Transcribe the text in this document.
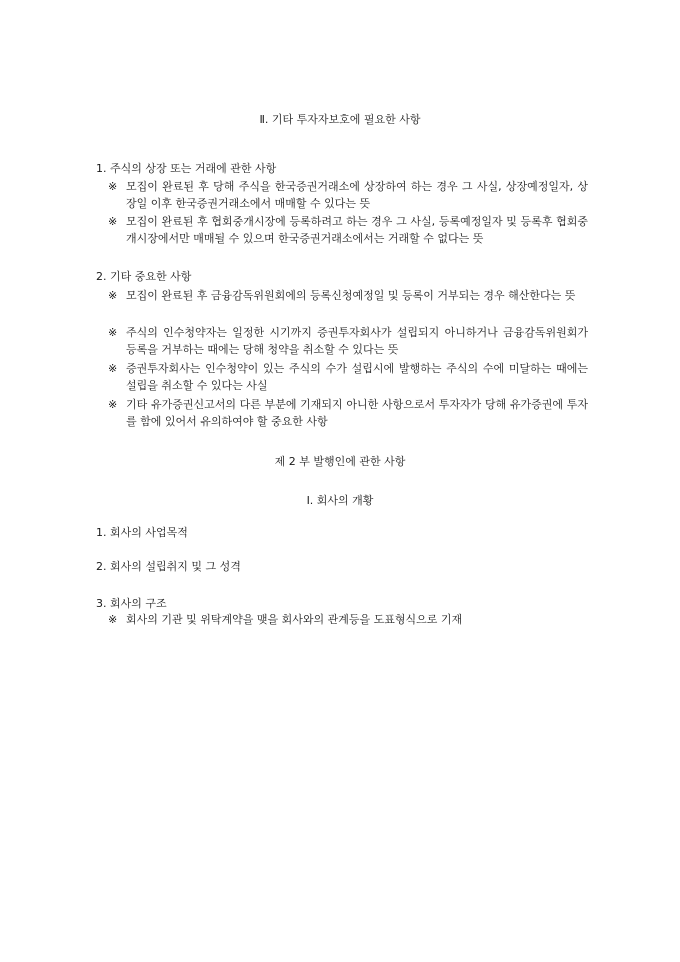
Ⅱ. 기타 투자자보호에 필요한 사항
1. 주식의 상장 또는 거래에 관한 사항
※ 모집이 완료된 후 당해 주식을 한국증권거래소에 상장하여 하는 경우 그 사실, 상장예정일자, 상장일 이후 한국증권거래소에서 매매할 수 있다는 뜻
※ 모집이 완료된 후 협회중개시장에 등록하려고 하는 경우 그 사실, 등록예정일자 및 등록후 협회중개시장에서만 매매될 수 있으며 한국증권거래소에서는 거래할 수 없다는 뜻
2. 기타 중요한 사항
※ 모집이 완료된 후 금융감독위원회에의 등록신청예정일 및 등록이 거부되는 경우 해산한다는 뜻
※ 주식의 인수청약자는 일정한 시기까지 증권투자회사가 설립되지 아니하거나 금융감독위원회가 등록을 거부하는 때에는 당해 청약을 취소할 수 있다는 뜻
※ 증권투자회사는 인수청약이 있는 주식의 수가 설립시에 발행하는 주식의 수에 미달하는 때에는 설립을 취소할 수 있다는 사실
※ 기타 유가증권신고서의 다른 부분에 기재되지 아니한 사항으로서 투자자가 당해 유가증권에 투자를 함에 있어서 유의하여야 할 중요한 사항
제 2 부 발행인에 관한 사항
Ⅰ. 회사의 개황
1. 회사의 사업목적
2. 회사의 설립취지 및 그 성격
3. 회사의 구조
※ 회사의 기관 및 위탁계약을 맺을 회사와의 관계등을 도표형식으로 기재
